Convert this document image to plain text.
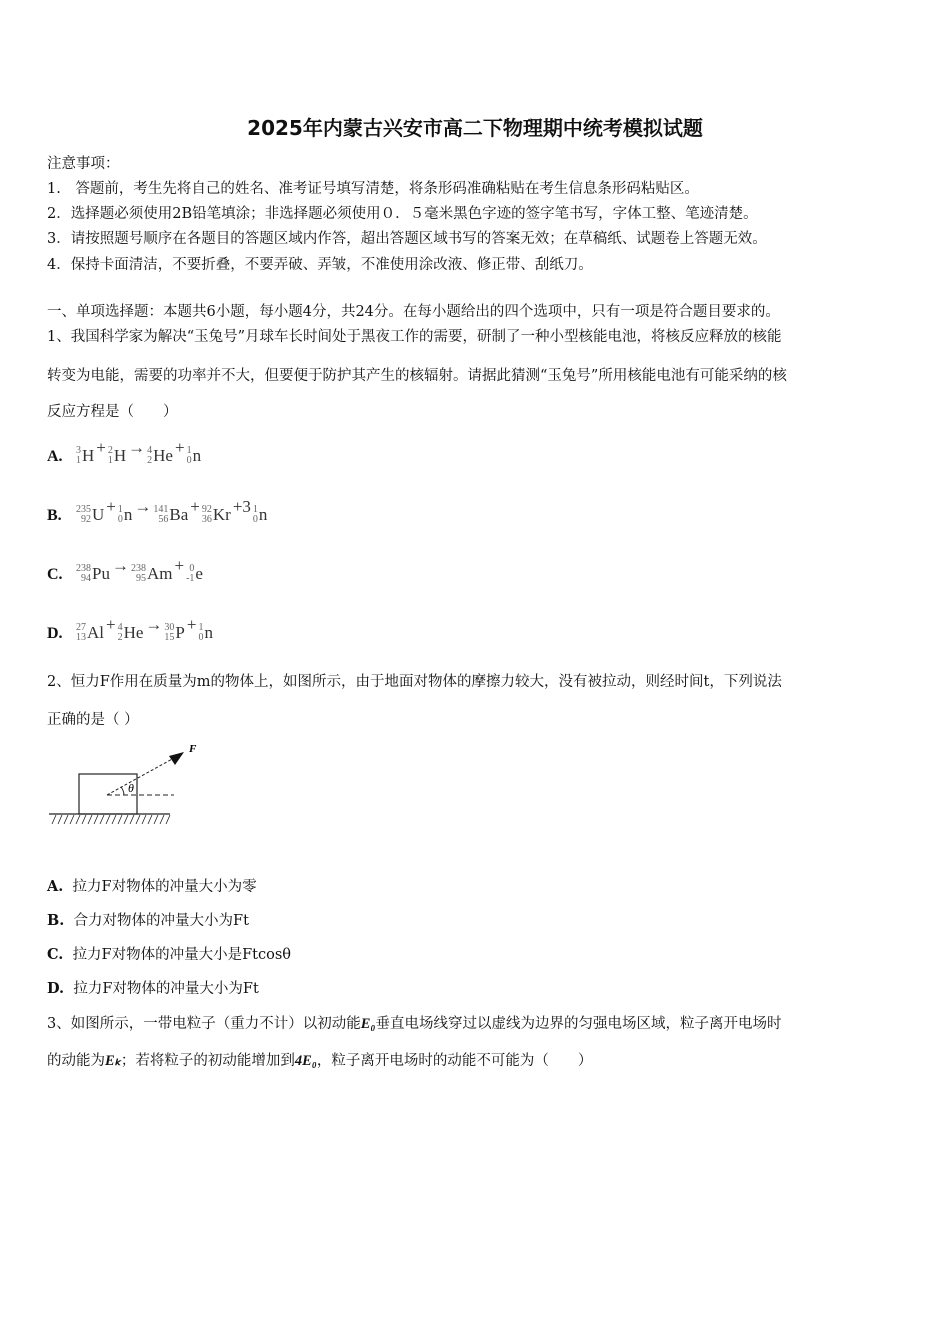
2025年内蒙古兴安市高二下物理期中统考模拟试题
注意事项：
1.　答题前，考生先将自己的姓名、准考证号填写清楚，将条形码准确粘贴在考生信息条形码粘贴区。
2．选择题必须使用2B铅笔填涂；非选择题必须使用０．５毫米黑色字迹的签字笔书写，字体工整、笔迹清楚。
3．请按照题号顺序在各题目的答题区域内作答，超出答题区域书写的答案无效；在草稿纸、试题卷上答题无效。
4．保持卡面清洁，不要折叠，不要弄破、弄皱，不准使用涂改液、修正带、刮纸刀。
一、单项选择题：本题共6小题，每小题4分，共24分。在每小题给出的四个选项中，只有一项是符合题目要求的。
1、我国科学家为解决“玉兔号”月球车长时间处于黑夜工作的需要，研制了一种小型核能电池，将核反应释放的核能
转变为电能，需要的功率并不大，但要便于防护其产生的核辐射。请据此猜测“玉兔号”所用核能电池有可能采纳的核
反应方程是（　　）
A. 3
1 H + 2
1 H → 4
2 He + 1
0 n
B. 235
92 U + 1
0 n → 141
56 Ba + 92
36 Kr +3 1
0 n
C. 238
94 Pu → 238
95 Am + 0
-1 e
D. 27
13 Al + 4
2 He → 30
15 P + 1
0 n
2、恒力F作用在质量为m的物体上，如图所示，由于地面对物体的摩擦力较大，没有被拉动，则经时间t，下列说法
正确的是（ ）
F
θ
A. 拉力F对物体的冲量大小为零
B. 合力对物体的冲量大小为Ft
C. 拉力F对物体的冲量大小是Ftcosθ
D. 拉力F对物体的冲量大小为Ft
3、如图所示，一带电粒子（重力不计）以初动能E₀垂直电场线穿过以虚线为边界的匀强电场区域，粒子离开电场时
的动能为Eₖ；若将粒子的初动能增加到4E₀，粒子离开电场时的动能不可能为（　　）
